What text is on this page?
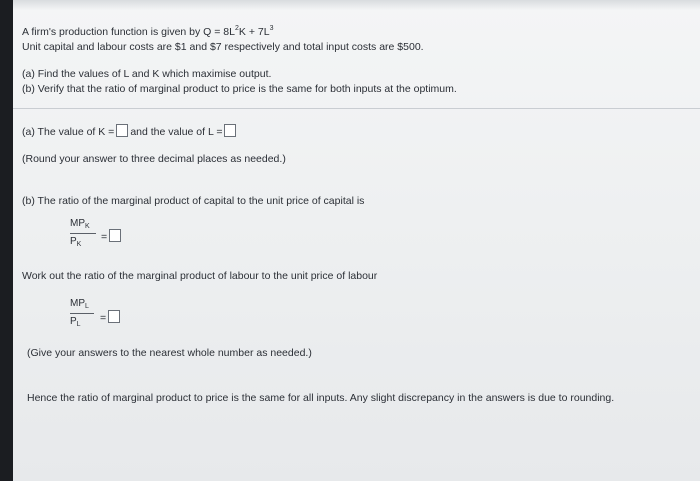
A firm's production function is given by $Q = 8L^2K + 7L^3$
Unit capital and labour costs are $1 and $7 respectively and total input costs are $500.
(a) Find the values of L and K which maximise output.
(b) Verify that the ratio of marginal product to price is the same for both inputs at the optimum.
(a) The value of K = and the value of L =
(Round your answer to three decimal places as needed.)
(b) The ratio of the marginal product of capital to the unit price of capital is
$MP_K$
$P_K$
=
Work out the ratio of the marginal product of labour to the unit price of labour
$MP_L$
$P_L$
=
(Give your answers to the nearest whole number as needed.)
Hence the ratio of marginal product to price is the same for all inputs. Any slight discrepancy in the answers is due to rounding.
